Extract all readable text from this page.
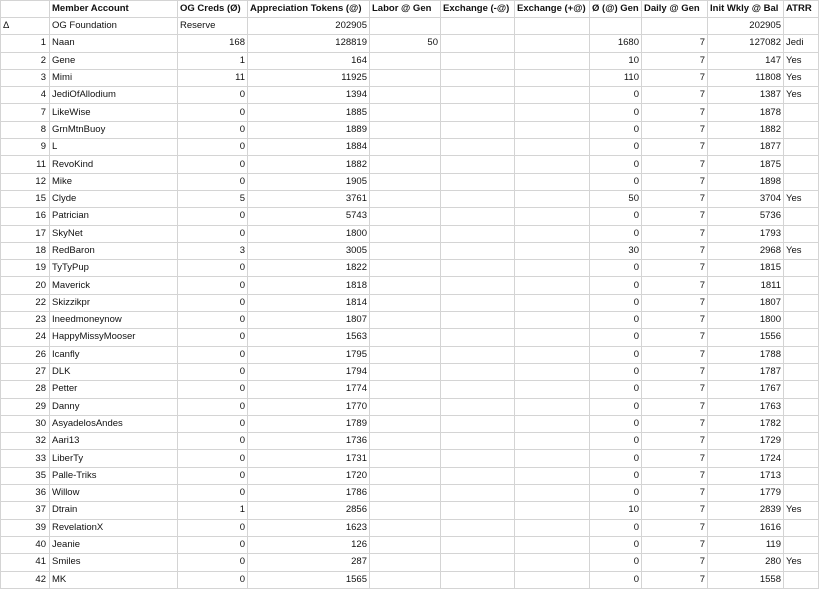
	Member Account	OG Creds (Ø)	Appreciation Tokens (@)	Labor @ Gen	Exchange (-@)	Exchange (+@)	Ø (@) Gen	Daily @ Gen	Init Wkly @ Bal	ATRR
Δ	OG Foundation	Reserve	202905						202905	
1	Naan	168	128819	50			1680	7	127082	Jedi
2	Gene	1	164				10	7	147	Yes
3	Mimi	11	11925				110	7	11808	Yes
4	JediOfAllodium	0	1394				0	7	1387	Yes
7	LikeWise	0	1885				0	7	1878	
8	GrnMtnBuoy	0	1889				0	7	1882	
9	L	0	1884				0	7	1877	
11	RevoKind	0	1882				0	7	1875	
12	Mike	0	1905				0	7	1898	
15	Clyde	5	3761				50	7	3704	Yes
16	Patrician	0	5743				0	7	5736	
17	SkyNet	0	1800				0	7	1793	
18	RedBaron	3	3005				30	7	2968	Yes
19	TyTyPup	0	1822				0	7	1815	
20	Maverick	0	1818				0	7	1811	
22	Skizzikpr	0	1814				0	7	1807	
23	Ineedmoneynow	0	1807				0	7	1800	
24	HappyMissyMooser	0	1563				0	7	1556	
26	Icanfly	0	1795				0	7	1788	
27	DLK	0	1794				0	7	1787	
28	Petter	0	1774				0	7	1767	
29	Danny	0	1770				0	7	1763	
30	AsyadelosAndes	0	1789				0	7	1782	
32	Aari13	0	1736				0	7	1729	
33	LiberTy	0	1731				0	7	1724	
35	Palle-Triks	0	1720				0	7	1713	
36	Willow	0	1786				0	7	1779	
37	Dtrain	1	2856				10	7	2839	Yes
39	RevelationX	0	1623				0	7	1616	
40	Jeanie	0	126				0	7	119	
41	Smiles	0	287				0	7	280	Yes
42	MK	0	1565				0	7	1558	
